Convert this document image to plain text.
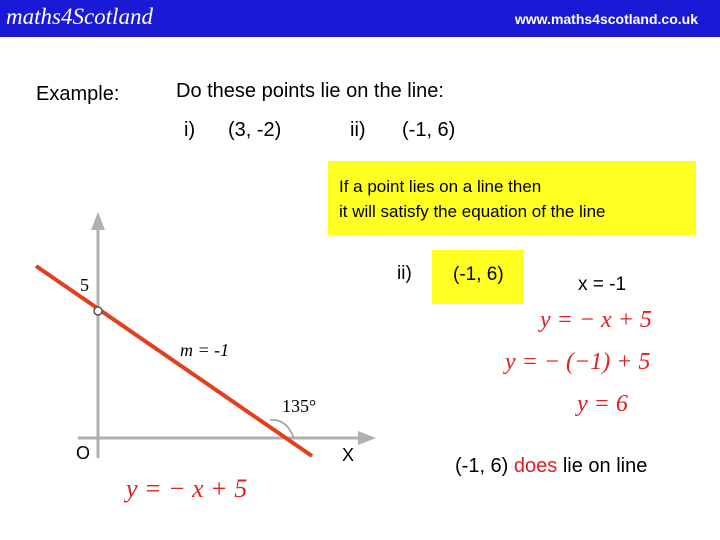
maths4Scotland	www.maths4scotland.co.uk
Example:	Do these points lie on the line:
i) (3, -2)	ii) (-1, 6)
If a point lies on a line then
it will satisfy the equation of the line
5
m = -1
135°
O	X
ii) (-1, 6)	x = -1
y = − x + 5
y = − (−1) + 5
y = 6
y = − x + 5
(-1, 6) does lie on line
